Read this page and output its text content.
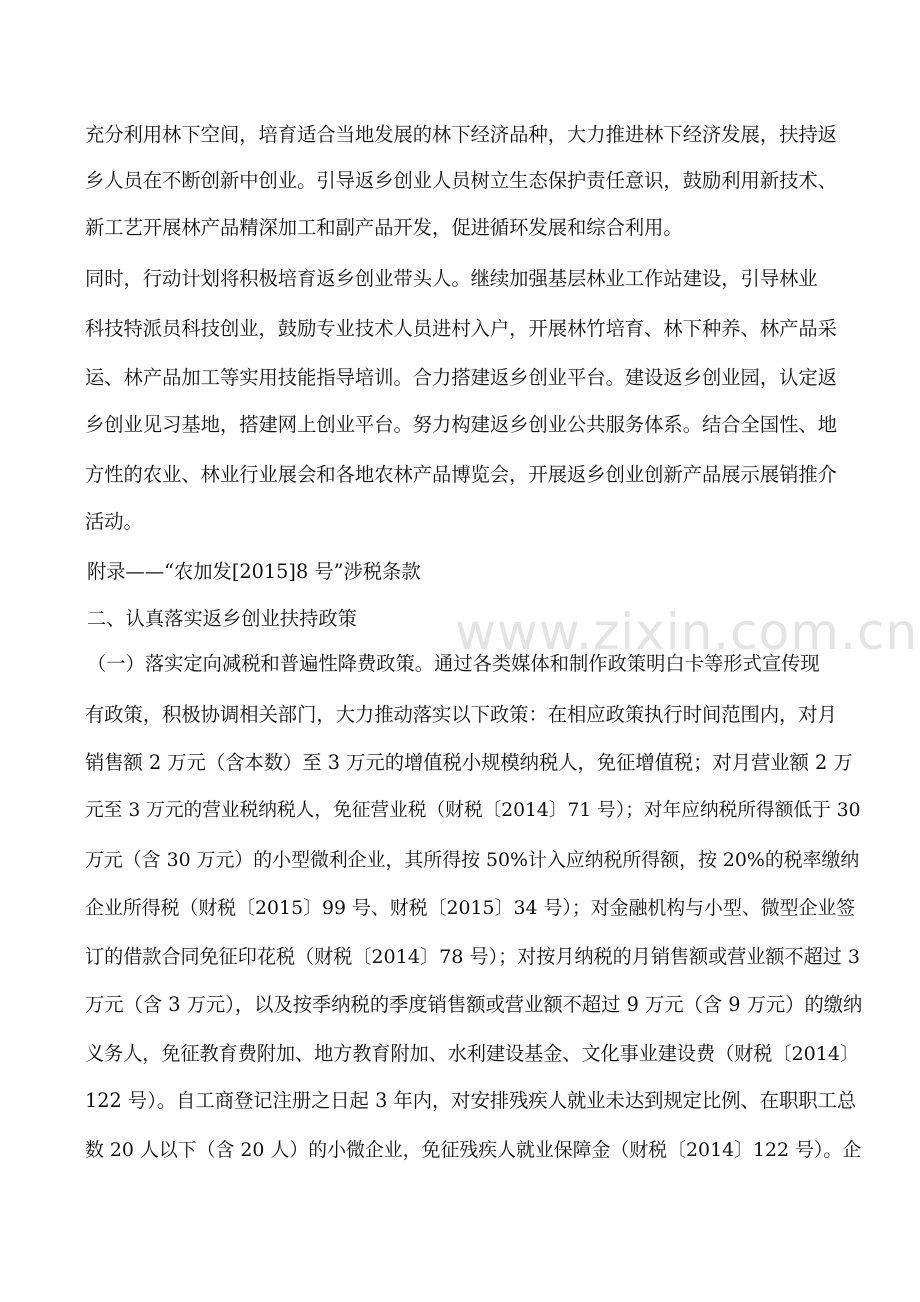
www.zixin.com.cn
充分利用林下空间，培育适合当地发展的林下经济品种，大力推进林下经济发展，扶持返
乡人员在不断创新中创业。引导返乡创业人员树立生态保护责任意识，鼓励利用新技术、
新工艺开展林产品精深加工和副产品开发，促进循环发展和综合利用。
同时，行动计划将积极培育返乡创业带头人。继续加强基层林业工作站建设，引导林业
科技特派员科技创业，鼓励专业技术人员进村入户，开展林竹培育、林下种养、林产品采
运、林产品加工等实用技能指导培训。合力搭建返乡创业平台。建设返乡创业园，认定返
乡创业见习基地，搭建网上创业平台。努力构建返乡创业公共服务体系。结合全国性、地
方性的农业、林业行业展会和各地农林产品博览会，开展返乡创业创新产品展示展销推介
活动。
附录——“农加发[2015]8 号”涉税条款
二、认真落实返乡创业扶持政策
（一）落实定向减税和普遍性降费政策。通过各类媒体和制作政策明白卡等形式宣传现
有政策，积极协调相关部门，大力推动落实以下政策：在相应政策执行时间范围内，对月
销售额 2 万元（含本数）至 3 万元的增值税小规模纳税人，免征增值税；对月营业额 2 万
元至 3 万元的营业税纳税人，免征营业税（财税〔2014〕71 号）；对年应纳税所得额低于 30
万元（含 30 万元）的小型微利企业，其所得按 50%计入应纳税所得额，按 20%的税率缴纳
企业所得税（财税〔2015〕99 号、财税〔2015〕34 号）；对金融机构与小型、微型企业签
订的借款合同免征印花税（财税〔2014〕78 号）；对按月纳税的月销售额或营业额不超过 3
万元（含 3 万元），以及按季纳税的季度销售额或营业额不超过 9 万元（含 9 万元）的缴纳
义务人，免征教育费附加、地方教育附加、水利建设基金、文化事业建设费（财税〔2014〕
122 号）。自工商登记注册之日起 3 年内，对安排残疾人就业未达到规定比例、在职职工总
数 20 人以下（含 20 人）的小微企业，免征残疾人就业保障金（财税〔2014〕122 号）。企
